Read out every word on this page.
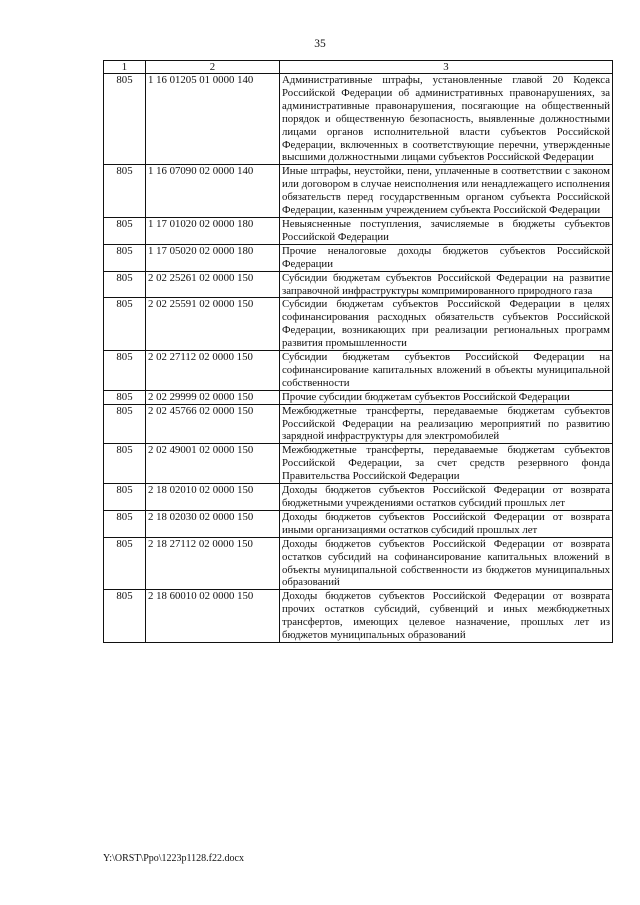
35
1	2	3
805	1 16 01205 01 0000 140	Административные штрафы, установленные главой 20 Кодекса Российской Федерации об административных правонарушениях, за административные правонарушения, посягающие на общественный порядок и общественную безопасность, выявленные должностными лицами органов исполнительной власти субъектов Российской Федерации, включенных в соответствующие перечни, утвержденные высшими должностными лицами субъектов Российской Федерации
805	1 16 07090 02 0000 140	Иные штрафы, неустойки, пени, уплаченные в соответствии с законом или договором в случае неисполнения или ненадлежащего исполнения обязательств перед государственным органом субъекта Российской Федерации, казенным учреждением субъекта Российской Федерации
805	1 17 01020 02 0000 180	Невыясненные поступления, зачисляемые в бюджеты субъектов Российской Федерации
805	1 17 05020 02 0000 180	Прочие неналоговые доходы бюджетов субъектов Российской Федерации
805	2 02 25261 02 0000 150	Субсидии бюджетам субъектов Российской Федерации на развитие заправочной инфраструктуры компримированного природного газа
805	2 02 25591 02 0000 150	Субсидии бюджетам субъектов Российской Федерации в целях софинансирования расходных обязательств субъектов Российской Федерации, возникающих при реализации региональных программ развития промышленности
805	2 02 27112 02 0000 150	Субсидии бюджетам субъектов Российской Федерации на софинансирование капитальных вложений в объекты муниципальной собственности
805	2 02 29999 02 0000 150	Прочие субсидии бюджетам субъектов Российской Федерации
805	2 02 45766 02 0000 150	Межбюджетные трансферты, передаваемые бюджетам субъектов Российской Федерации на реализацию мероприятий по развитию зарядной инфраструктуры для электромобилей
805	2 02 49001 02 0000 150	Межбюджетные трансферты, передаваемые бюджетам субъектов Российской Федерации, за счет средств резервного фонда Правительства Российской Федерации
805	2 18 02010 02 0000 150	Доходы бюджетов субъектов Российской Федерации от возврата бюджетными учреждениями остатков субсидий прошлых лет
805	2 18 02030 02 0000 150	Доходы бюджетов субъектов Российской Федерации от возврата иными организациями остатков субсидий прошлых лет
805	2 18 27112 02 0000 150	Доходы бюджетов субъектов Российской Федерации от возврата остатков субсидий на софинансирование капитальных вложений в объекты муниципальной собственности из бюджетов муниципальных образований
805	2 18 60010 02 0000 150	Доходы бюджетов субъектов Российской Федерации от возврата прочих остатков субсидий, субвенций и иных межбюджетных трансфертов, имеющих целевое назначение, прошлых лет из бюджетов муниципальных образований
Y:\ORST\Ppo\1223p1128.f22.docx
